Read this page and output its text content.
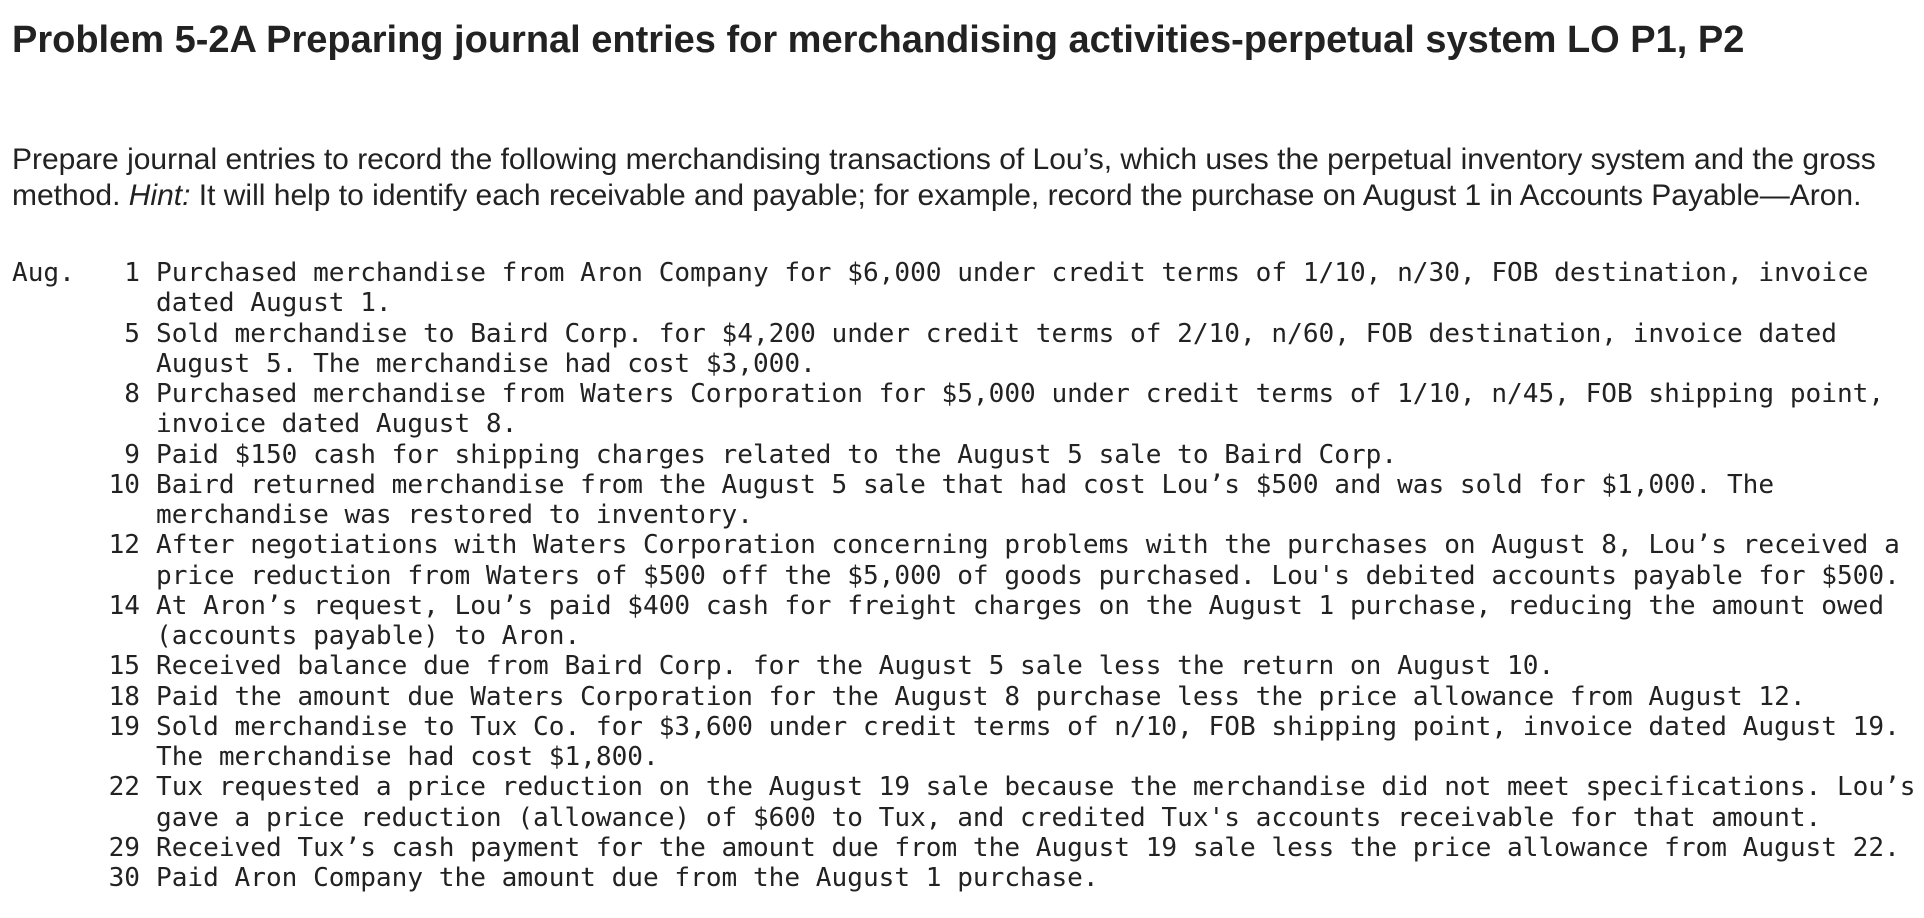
Problem 5-2A Preparing journal entries for merchandising activities-perpetual system LO P1, P2

Prepare journal entries to record the following merchandising transactions of Lou’s, which uses the perpetual inventory system and the gross method. Hint: It will help to identify each receivable and payable; for example, record the purchase on August 1 in Accounts Payable—Aron.

Aug.	1 Purchased merchandise from Aron Company for $6,000 under credit terms of 1/10, n/30, FOB destination, invoice
dated August 1.
5 Sold merchandise to Baird Corp. for $4,200 under credit terms of 2/10, n/60, FOB destination, invoice dated
August 5. The merchandise had cost $3,000.
8 Purchased merchandise from Waters Corporation for $5,000 under credit terms of 1/10, n/45, FOB shipping point,
invoice dated August 8.
9 Paid $150 cash for shipping charges related to the August 5 sale to Baird Corp.
10 Baird returned merchandise from the August 5 sale that had cost Lou’s $500 and was sold for $1,000. The
merchandise was restored to inventory.
12 After negotiations with Waters Corporation concerning problems with the purchases on August 8, Lou’s received a
price reduction from Waters of $500 off the $5,000 of goods purchased. Lou's debited accounts payable for $500.
14 At Aron’s request, Lou’s paid $400 cash for freight charges on the August 1 purchase, reducing the amount owed
(accounts payable) to Aron.
15 Received balance due from Baird Corp. for the August 5 sale less the return on August 10.
18 Paid the amount due Waters Corporation for the August 8 purchase less the price allowance from August 12.
19 Sold merchandise to Tux Co. for $3,600 under credit terms of n/10, FOB shipping point, invoice dated August 19.
The merchandise had cost $1,800.
22 Tux requested a price reduction on the August 19 sale because the merchandise did not meet specifications. Lou’s
gave a price reduction (allowance) of $600 to Tux, and credited Tux's accounts receivable for that amount.
29 Received Tux’s cash payment for the amount due from the August 19 sale less the price allowance from August 22.
30 Paid Aron Company the amount due from the August 1 purchase.
